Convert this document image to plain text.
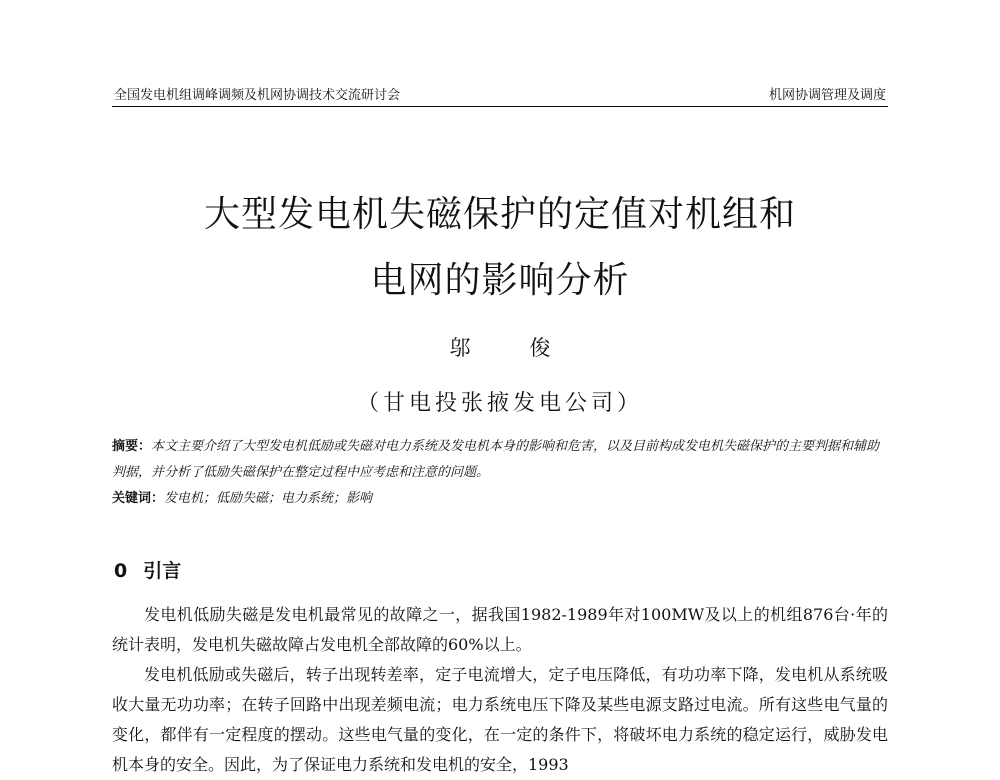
全国发电机组调峰调频及机网协调技术交流研讨会	机网协调管理及调度
大型发电机失磁保护的定值对机组和
电网的影响分析
邬 俊
（甘电投张掖发电公司）
摘要：本文主要介绍了大型发电机低励或失磁对电力系统及发电机本身的影响和危害，以及目前构成发电机失磁保护的主要判据和辅助判据，并分析了低励失磁保护在整定过程中应考虑和注意的问题。
关键词：发电机；低励失磁；电力系统；影响
0 引言

发电机低励失磁是发电机最常见的故障之一，据我国1982-1989年对100MW及以上的机组876台·年的统计表明，发电机失磁故障占发电机全部故障的60%以上。

发电机低励或失磁后，转子出现转差率，定子电流增大，定子电压降低，有功功率下降，发电机从系统吸收大量无功功率；在转子回路中出现差频电流；电力系统电压下降及某些电源支路过电流。所有这些电气量的变化，都伴有一定程度的摆动。这些电气量的变化，在一定的条件下，将破坏电力系统的稳定运行，威胁发电机本身的安全。因此，为了保证电力系统和发电机的安全，1993
